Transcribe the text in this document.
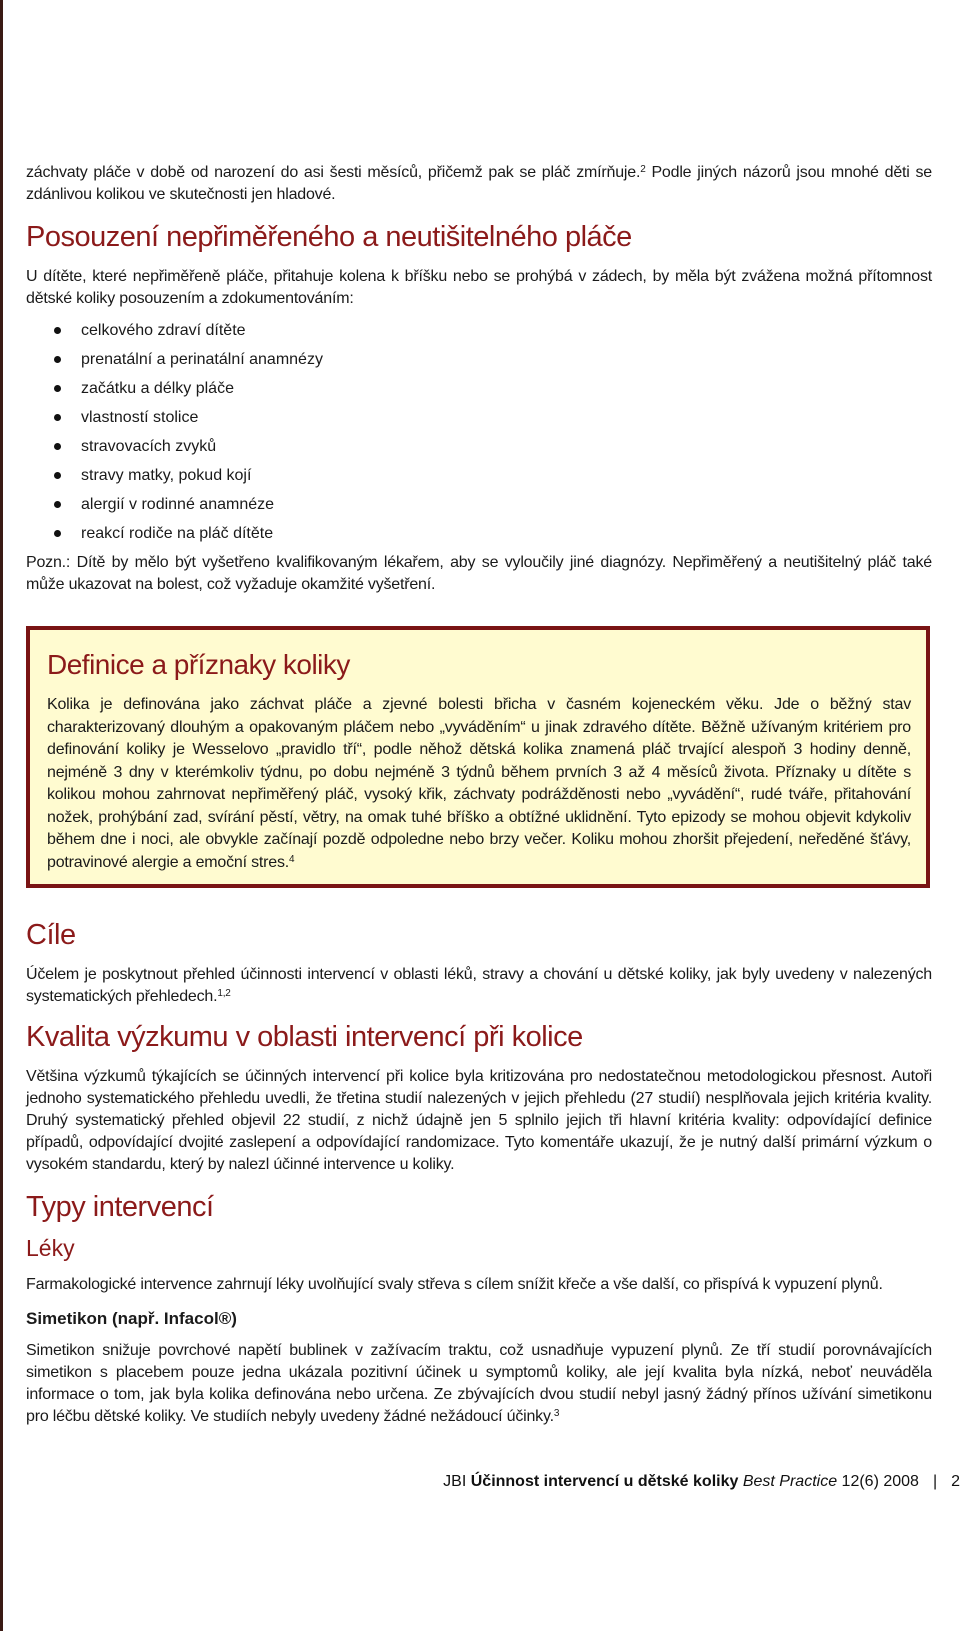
záchvaty pláče v době od narození do asi šesti měsíců, přičemž pak se pláč zmírňuje.$^2$ Podle jiných názorů jsou mnohé děti se zdánlivou kolikou ve skutečnosti jen hladové.

Posouzení nepřiměřeného a neutišitelného pláče

U dítěte, které nepřiměřeně pláče, přitahuje kolena k bříšku nebo se prohýbá v zádech, by měla být zvážena možná přítomnost dětské koliky posouzením a zdokumentováním:

celkového zdraví dítěte
prenatální a perinatální anamnézy
začátku a délky pláče
vlastností stolice
stravovacích zvyků
stravy matky, pokud kojí
alergií v rodinné anamnéze
reakcí rodiče na pláč dítěte

Pozn.: Dítě by mělo být vyšetřeno kvalifikovaným lékařem, aby se vyloučily jiné diagnózy. Nepřiměřený a neutišitelný pláč také může ukazovat na bolest, což vyžaduje okamžité vyšetření.

Definice a příznaky koliky

Kolika je definována jako záchvat pláče a zjevné bolesti břicha v časném kojeneckém věku. Jde o běžný stav charakterizovaný dlouhým a opakovaným pláčem nebo „vyváděním“ u jinak zdravého dítěte. Běžně užívaným kritériem pro definování koliky je Wesselovo „pravidlo tří“, podle něhož dětská kolika znamená pláč trvající alespoň 3 hodiny denně, nejméně 3 dny v kterémkoliv týdnu, po dobu nejméně 3 týdnů během prvních 3 až 4 měsíců života. Příznaky u dítěte s kolikou mohou zahrnovat nepřiměřený pláč, vysoký křik, záchvaty podrážděnosti nebo „vyvádění“, rudé tváře, přitahování nožek, prohýbání zad, svírání pěstí, větry, na omak tuhé bříško a obtížné uklidnění. Tyto epizody se mohou objevit kdykoliv během dne i noci, ale obvykle začínají pozdě odpoledne nebo brzy večer. Koliku mohou zhoršit přejedení, neředěné šťávy, potravinové alergie a emoční stres.$^4$

Cíle

Účelem je poskytnout přehled účinnosti intervencí v oblasti léků, stravy a chování u dětské koliky, jak byly uvedeny v nalezených systematických přehledech.$^{1,2}$

Kvalita výzkumu v oblasti intervencí při kolice

Většina výzkumů týkajících se účinných intervencí při kolice byla kritizována pro nedostatečnou metodologickou přesnost. Autoři jednoho systematického přehledu uvedli, že třetina studií nalezených v jejich přehledu (27 studií) nesplňovala jejich kritéria kvality. Druhý systematický přehled objevil 22 studií, z nichž údajně jen 5 splnilo jejich tři hlavní kritéria kvality: odpovídající definice případů, odpovídající dvojité zaslepení a odpovídající randomizace. Tyto komentáře ukazují, že je nutný další primární výzkum o vysokém standardu, který by nalezl účinné intervence u koliky.

Typy intervencí
Léky

Farmakologické intervence zahrnují léky uvolňující svaly střeva s cílem snížit křeče a vše další, co přispívá k vypuzení plynů.

Simetikon (např. Infacol®)

Simetikon snižuje povrchové napětí bublinek v zažívacím traktu, což usnadňuje vypuzení plynů. Ze tří studií porovnávajících simetikon s placebem pouze jedna ukázala pozitivní účinek u symptomů koliky, ale její kvalita byla nízká, neboť neuváděla informace o tom, jak byla kolika definována nebo určena. Ze zbývajících dvou studií nebyl jasný žádný přínos užívání simetikonu pro léčbu dětské koliky. Ve studiích nebyly uvedeny žádné nežádoucí účinky.$^3$

JBI Účinnost intervencí u dětské koliky Best Practice 12(6) 2008 | 2
